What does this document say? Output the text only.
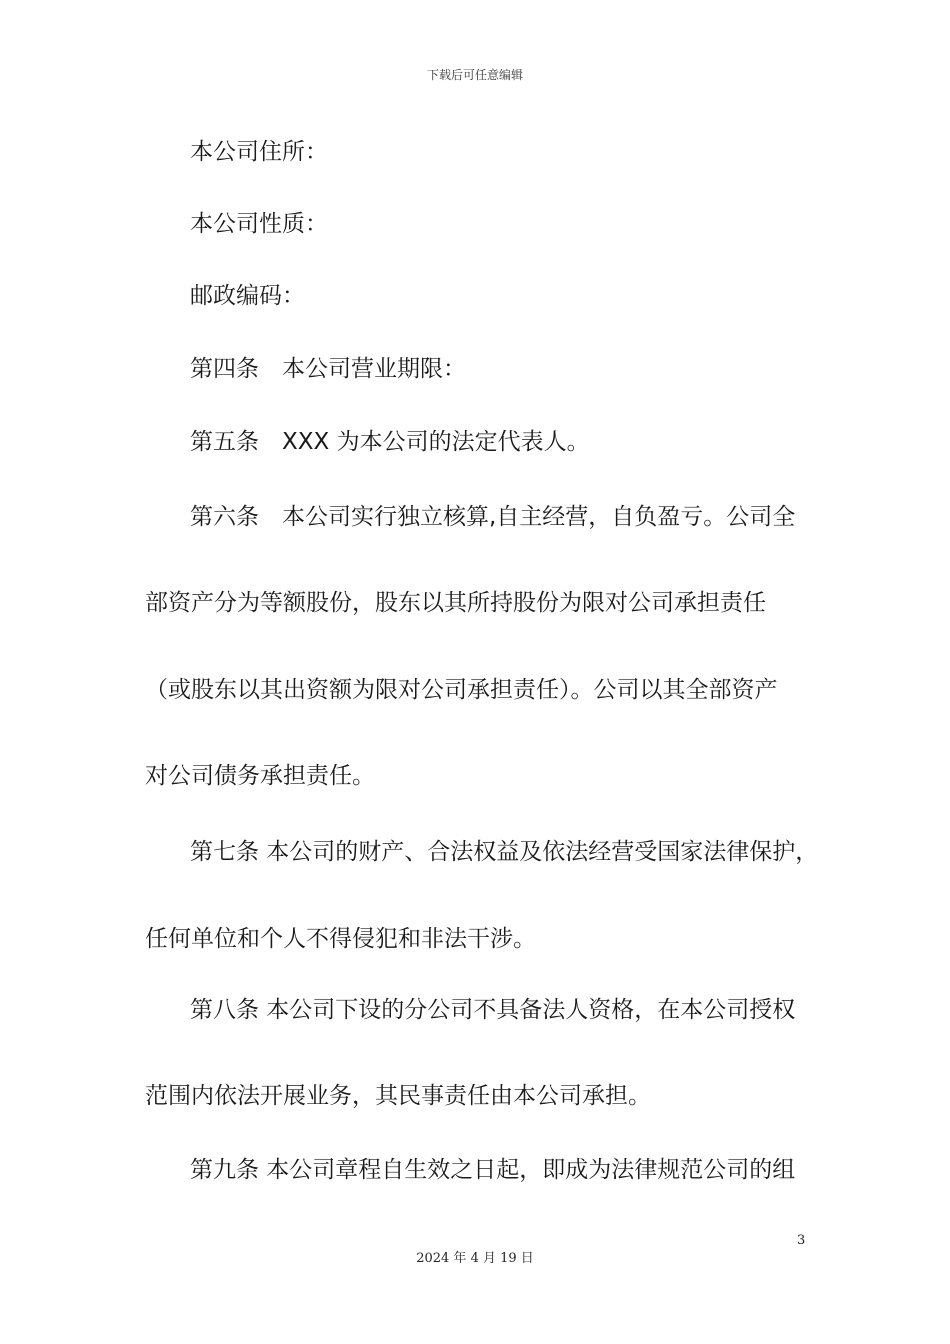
下载后可任意编辑
本公司住所：
本公司性质：
邮政编码：
第四条　本公司营业期限：
第五条　XXX 为本公司的法定代表人。
第六条　本公司实行独立核算,自主经营，自负盈亏。公司全
部资产分为等额股份，股东以其所持股份为限对公司承担责任
（或股东以其出资额为限对公司承担责任）。公司以其全部资产
对公司债务承担责任。
第七条 本公司的财产、合法权益及依法经营受国家法律保护，
任何单位和个人不得侵犯和非法干涉。
第八条 本公司下设的分公司不具备法人资格，在本公司授权
范围内依法开展业务，其民事责任由本公司承担。
第九条 本公司章程自生效之日起，即成为法律规范公司的组
3
2024 年 4 月 19 日
